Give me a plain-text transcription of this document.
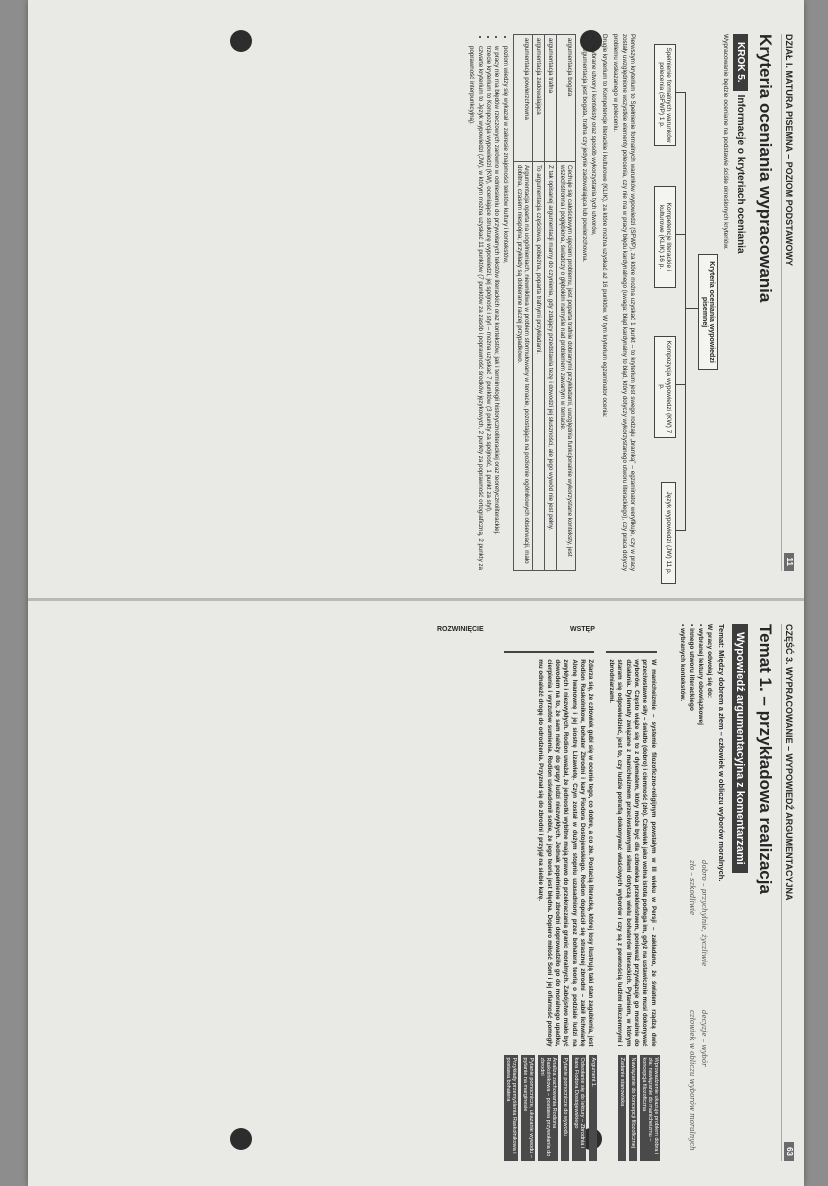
DZIAŁ I. MATURA PISEMNA – POZIOM PODSTAWOWY
11
Kryteria oceniania wypracowania
KROK 5.Informacje o kryteriach oceniania
Wypracowanie będzie oceniane na podstawie ściśle określonych kryteriów.
Kryteria oceniania wypowiedzi pisemnej
Spełnienie formalnych warunków polecenia (SFWP) 1 p.
Kompetencje literackie i kulturowe (KLIK) 16 p.
Kompozycja wypowiedzi (KW) 7 p.
Język wypowiedzi (JW) 11 p.
Pierwszym kryterium to Spełnienie formalnych warunków wypowiedzi (SFWP), za które można uzyskać 1 punkt – to kryterium jest swego rodzaju „bramką” – egzaminator weryfikuje, czy w pracy zostały uwzględnione wszystkie elementy polecenia, czy nie ma w pracy błędu kardynalnego (uwaga: błąd kardynalny to błąd, który dotyczy wykorzystanego utworu literackiego), czy praca dotyczy problemu wskazanego w poleceniu.
Drugie kryterium to Kompetencje literackie i kulturowe (KLIK), za które można uzyskać aż 16 punktów. W tym kryterium egzaminator ocenia:
• wybrane utwory i konteksty oraz sposób wykorzystania tych utworów,
• argumentacja jest bogata, trafna czy jedynie zadowalająca lub powierzchowna.
argumentacja bogata	Cechuje się całościowym ujęciem problemu, jest poparta trafnie dobranymi przykładami, uwzględnia funkcjonalnie wykorzystane konteksty, jest wszechstronna i pogłębiona, świadczy o głębokim namyśle nad problemem zawartym w temacie.
argumentacja trafna	Z tak opisanej argumentacji mamy do czynienia, gdy zdający przedstawia tezę i dowodzi jej słuszności, ale jego wywód nie jest pełny.
argumentacja zadowalająca	To argumentacja częściowa, pobieżna, poparta trafnymi przykładami.
argumentacja powierzchowna	Argumentacja oparta na uogólnieniach, niewnikliwa w problem sformułowany w temacie, pozostająca na poziomie ogólnikowych obserwacji, mało dobitna, czasem niespójna; przykłady są dobierane raczej przypadkowo.
• poziom wiedzy się wykazał w zakresie znajomości tekstów kultury i kontekstów,
• w pracy nie ma błędów rzeczowych zarówno w odniesieniu do przywołanych tekstów literackich oraz kontekstów, jak i terminologii historycznoliterackiej oraz teoretycznoliterackiej.
• trzecie kryterium to Kompozycja wypowiedzi (KW), oceniające strukturę wypowiedzi, jej spójność i styl – można uzyskać 7 punktów (3 punkty za spójność, 1 punkt za styl).
• czwarte kryterium to Język wypowiedzi (JW), w którym można uzyskać 11 punktów (7 punktów za zasób i poprawność środków językowych, 2 punkty za poprawność ortograficzną, 2 punkty za poprawność interpunkcyjną).
CZĘŚĆ 3. WYPRACOWANIE – WYPOWIEDŹ ARGUMENTACYJNA
63
Temat 1. – przykładowa realizacja
Wypowiedź argumentacyjna z komentarzami
Temat: Między dobrem a złem – człowiek w obliczu wyborów moralnych.
W pracy odwołaj się do:
• wybranej lektury obowiązkowej
• innego utworu literackiego
• wybranych kontekstów.
dobro – przychylnie, życzliwie
zło – szkodliwie
decyzje – wybór
człowiek w obliczu wyborów moralnych
WSTĘP
W manicheizmie – systemie filozoficzno-religijnym powstałym w III wieku w Persji – zakładano, że światem rządzą dwie przeciwstawne siły – światło (dobro) i ciemność (zło). Człowiek jako wolna istota podlega im, gdyż na ustawicznie musi dokonywać wyborów. Często wiąże się to z dylematem, który może być dla człowieka przekleństwem, ponieważ przywiązuje go moralnie do działania. Dylematy związane z manicheizmem przeciwstawnymi siłami dotyczą wielu bohaterów literackich. Pytaniem, w którym staram się odpowiedzieć, jest to, czy ludzie potrafią dokonywać właściwych wyborów i czy są z pewnością ludźmi nikczemnymi i zbrodniarzami.
Wprowadzenie ukazuje problem dobra i zła: nawiązanie do manicheizmu – koncepcja filozoficzna
Nawiązanie do koncepcji filozoficznej
Zadanie stanowiska
ROZWINIĘCIE
Zdarza się, że człowiek gubi się w ocenie tego, co dobre, a co złe. Postacią literacką, której losy ilustrują taki stan zagubienia, jest Rodion Raskolnikow, bohater Zbrodni i kary Fiodora Dostojewskiego. Rodion dopuścił się strasznej zbrodni – zabił lichwiarkę Alonę Iwanownę i jej siostrę Lizawietę. Czyn został w dużym stopniu uzasadniony przez bohatera teorią o podziale ludzi na zwykłych i niezwykłych. Rodion uważał, że jednostki wybitne mają prawo do przekraczania granic moralnych. Zabójstwo miało być dowodem na to, że sam należy do grupy ludzi niezwykłych. Jednak popełnienie zbrodni doprowadziło go do moralnego upadku, cierpienia i wyrzutów sumienia. Rodion uświadomił sobie, że jego teoria jest błędna. Dopiero miłość Soni i jej ofiarność pomogły mu odnaleźć drogę do odrodzenia. Przyznał się do zbrodni i przyjął na siebie karę.
Argument 1.
Odwołanie się do lektury – Zbrodnia i kara Fiodora Dostojewskiego
Pytanie pomocnicze do wywodu
Analiza zachowania Rodiona Raskolnikowa – postawa przywołania do zbrodni
Pytanie pomocnicze, ukazanie wywodu – pytanie na marginesie
Przykłady przemyślenia Raskolnikowa i postawa bohatera
